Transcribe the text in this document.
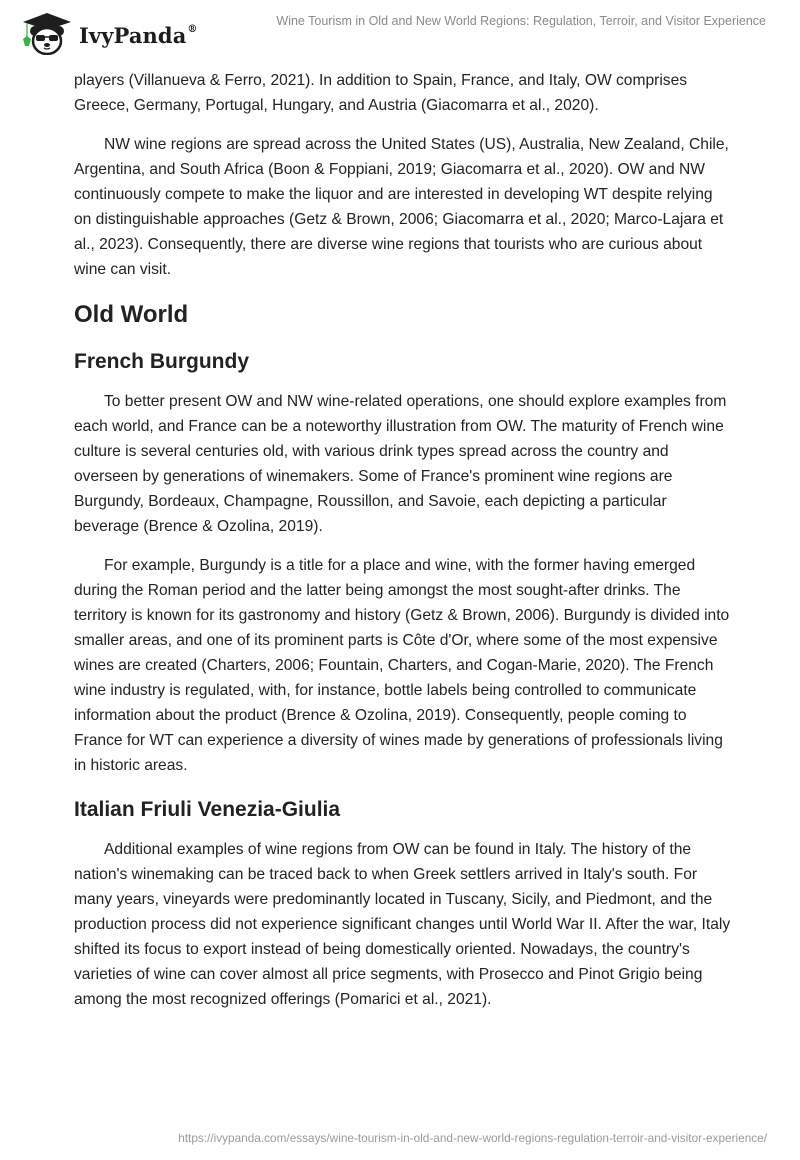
IvyPanda®
Wine Tourism in Old and New World Regions: Regulation, Terroir, and Visitor Experience

players (Villanueva & Ferro, 2021). In addition to Spain, France, and Italy, OW comprises Greece, Germany, Portugal, Hungary, and Austria (Giacomarra et al., 2020).

NW wine regions are spread across the United States (US), Australia, New Zealand, Chile, Argentina, and South Africa (Boon & Foppiani, 2019; Giacomarra et al., 2020). OW and NW continuously compete to make the liquor and are interested in developing WT despite relying on distinguishable approaches (Getz & Brown, 2006; Giacomarra et al., 2020; Marco-Lajara et al., 2023). Consequently, there are diverse wine regions that tourists who are curious about wine can visit.

Old World
French Burgundy

To better present OW and NW wine-related operations, one should explore examples from each world, and France can be a noteworthy illustration from OW. The maturity of French wine culture is several centuries old, with various drink types spread across the country and overseen by generations of winemakers. Some of France's prominent wine regions are Burgundy, Bordeaux, Champagne, Roussillon, and Savoie, each depicting a particular beverage (Brence & Ozolina, 2019).

For example, Burgundy is a title for a place and wine, with the former having emerged during the Roman period and the latter being amongst the most sought-after drinks. The territory is known for its gastronomy and history (Getz & Brown, 2006). Burgundy is divided into smaller areas, and one of its prominent parts is Côte d'Or, where some of the most expensive wines are created (Charters, 2006; Fountain, Charters, and Cogan-Marie, 2020). The French wine industry is regulated, with, for instance, bottle labels being controlled to communicate information about the product (Brence & Ozolina, 2019). Consequently, people coming to France for WT can experience a diversity of wines made by generations of professionals living in historic areas.

Italian Friuli Venezia-Giulia

Additional examples of wine regions from OW can be found in Italy. The history of the nation's winemaking can be traced back to when Greek settlers arrived in Italy's south. For many years, vineyards were predominantly located in Tuscany, Sicily, and Piedmont, and the production process did not experience significant changes until World War II. After the war, Italy shifted its focus to export instead of being domestically oriented. Nowadays, the country's varieties of wine can cover almost all price segments, with Prosecco and Pinot Grigio being among the most recognized offerings (Pomarici et al., 2021).

https://ivypanda.com/essays/wine-tourism-in-old-and-new-world-regions-regulation-terroir-and-visitor-experience/
